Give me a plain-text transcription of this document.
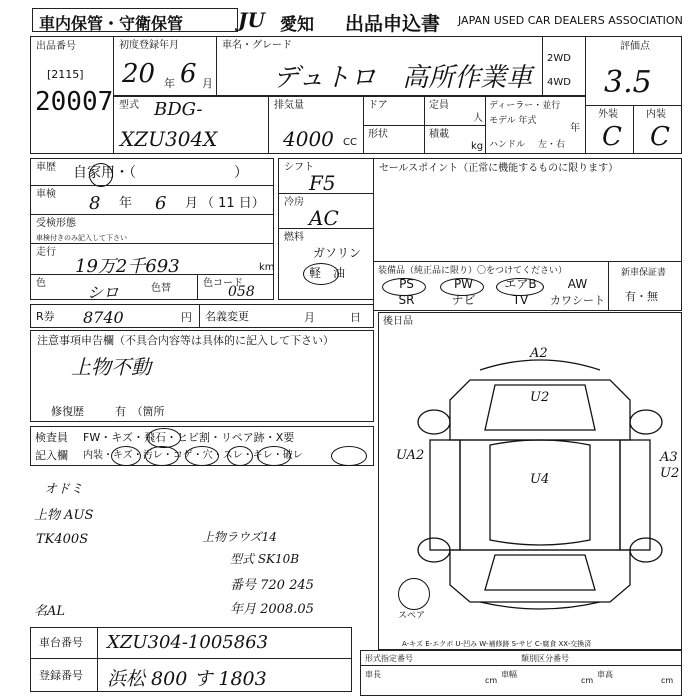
車内保管・守衛保管	JU 愛知 出品申込書 JAPAN USED CAR DEALERS ASSOCIATION
出品番号
[2115]
20007
初度登録年月
20 年 6 月
車名・グレード
デュトロ　高所作業車
2WD
4WD
評価点
3.5
型式 BDG-
XZU304X
排気量
4000 CC
ドア	定員
人
形状	積載
kg
ディーラー・並行
モデル 年式
年
ハンドル 左・右
外装
C
内装
C
車歴 自家用・（　　　　　　　）
車検 8 年 6 月 （ 11 日）
受検形態
車検付きのみ記入して下さい
走行
19万2千693	km
色	シロ	色替	色コード
058
シフト
F5
冷房
AC
燃料
ガソリン
軽　油
セールスポイント（正常に機能するものに限ります）
装備品（純正品に限り）〇をつけてください）
PS	PW	エアB	AW
SR	ナビ	TV	カワシート
新車保証書
有・無
R券 8740	円 名義変更	月	日
注意事項申告欄（不具合内容等は具体的に記入して下さい）
上物不動
修復歴	有　（箇所
検査員 FW・キズ・飛石・ヒビ割・リペア跡・X要
記入欄 内装・キズ・汚レ・コゲ・穴・スレ・キレ・破レ
オドミ
上物 AUS
TK400S	上物ラウズ14
型式 SK10B
番号 720 245
年月 2008.05
名AL
車台番号 XZU304-1005863
登録番号 浜松 800 す 1803
後日品
A2
U2
UA2	A3
U2
U4
スペア
A-キズ E-エクボ U-凹み W-補修跡 S-サビ C-腐食 XX-交換済
形式指定番号	類別区分番号
車長
cm
車幅
cm
車高
cm
